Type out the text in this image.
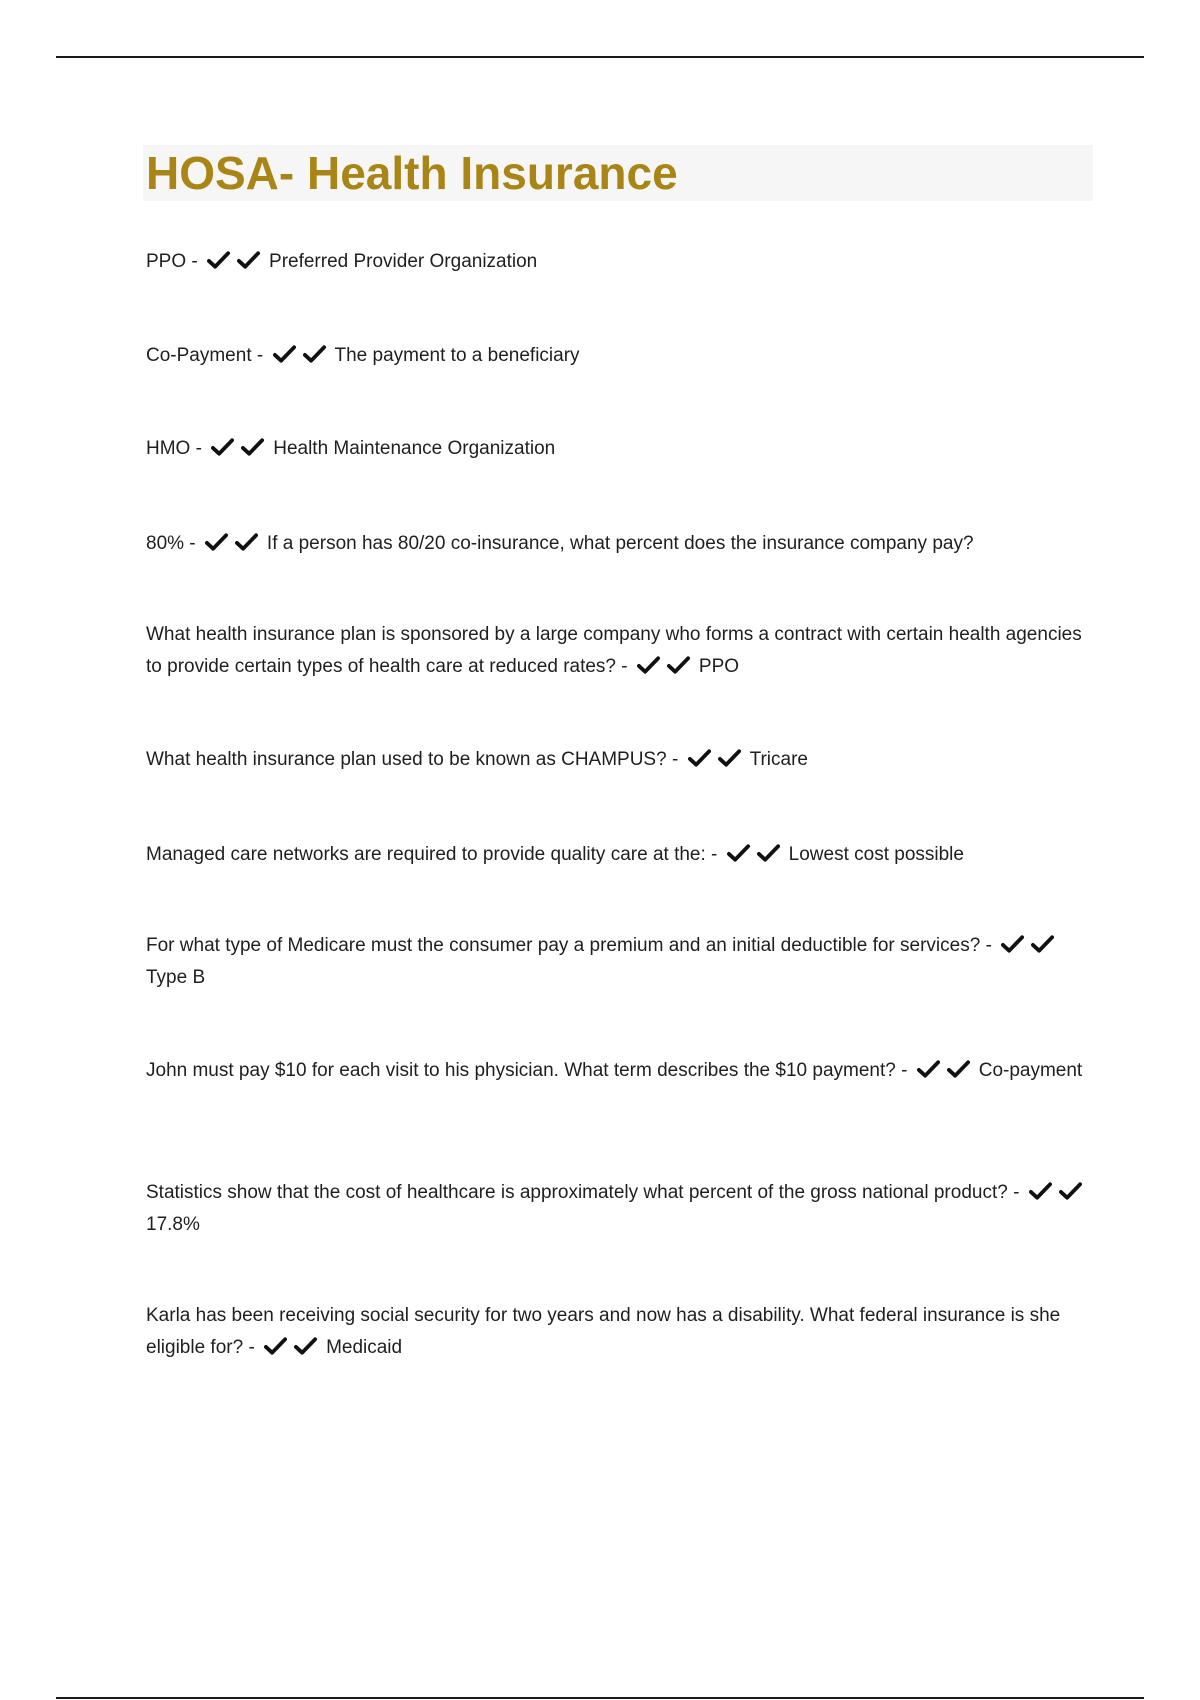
HOSA- Health Insurance
PPO -	Preferred Provider Organization
Co-Payment -	The payment to a beneficiary
HMO -	Health Maintenance Organization
80% -	If a person has 80/20 co-insurance, what percent does the insurance company pay?
What health insurance plan is sponsored by a large company who forms a contract with certain health agencies to provide certain types of health care at reduced rates? -	PPO
What health insurance plan used to be known as CHAMPUS? -	Tricare
Managed care networks are required to provide quality care at the: -	Lowest cost possible
For what type of Medicare must the consumer pay a premium and an initial deductible for services? -
Type B
John must pay $10 for each visit to his physician. What term describes the $10 payment? -	Co-payment
Statistics show that the cost of healthcare is approximately what percent of the gross national product? -
17.8%
Karla has been receiving social security for two years and now has a disability. What federal insurance is she eligible for? -	Medicaid
